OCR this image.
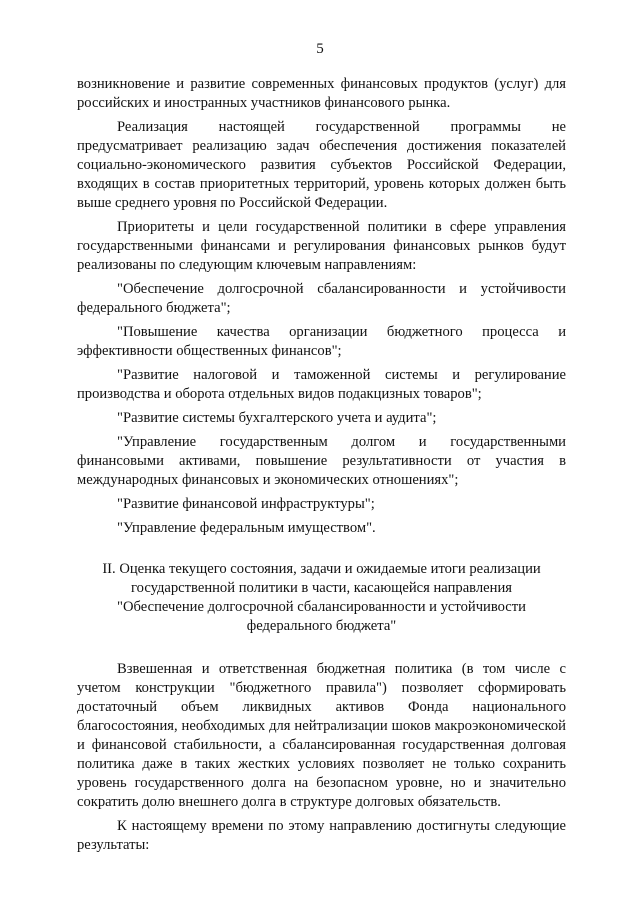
5

возникновение и развитие современных финансовых продуктов (услуг) для российских и иностранных участников финансового рынка.

Реализация настоящей государственной программы не предусматривает реализацию задач обеспечения достижения показателей социально-экономического развития субъектов Российской Федерации, входящих в состав приоритетных территорий, уровень которых должен быть выше среднего уровня по Российской Федерации.

Приоритеты и цели государственной политики в сфере управления государственными финансами и регулирования финансовых рынков будут реализованы по следующим ключевым направлениям:

"Обеспечение долгосрочной сбалансированности и устойчивости федерального бюджета";

"Повышение качества организации бюджетного процесса и эффективности общественных финансов";

"Развитие налоговой и таможенной системы и регулирование производства и оборота отдельных видов подакцизных товаров";

"Развитие системы бухгалтерского учета и аудита";

"Управление государственным долгом и государственными финансовыми активами, повышение результативности от участия в международных финансовых и экономических отношениях";

"Развитие финансовой инфраструктуры";

"Управление федеральным имуществом".

II. Оценка текущего состояния, задачи и ожидаемые итоги реализации
государственной политики в части, касающейся направления
"Обеспечение долгосрочной сбалансированности и устойчивости
федерального бюджета"

Взвешенная и ответственная бюджетная политика (в том числе с учетом конструкции "бюджетного правила") позволяет сформировать достаточный объем ликвидных активов Фонда национального благосостояния, необходимых для нейтрализации шоков макроэкономической и финансовой стабильности, а сбалансированная государственная долговая политика даже в таких жестких условиях позволяет не только сохранить уровень государственного долга на безопасном уровне, но и значительно сократить долю внешнего долга в структуре долговых обязательств.

К настоящему времени по этому направлению достигнуты следующие результаты:
